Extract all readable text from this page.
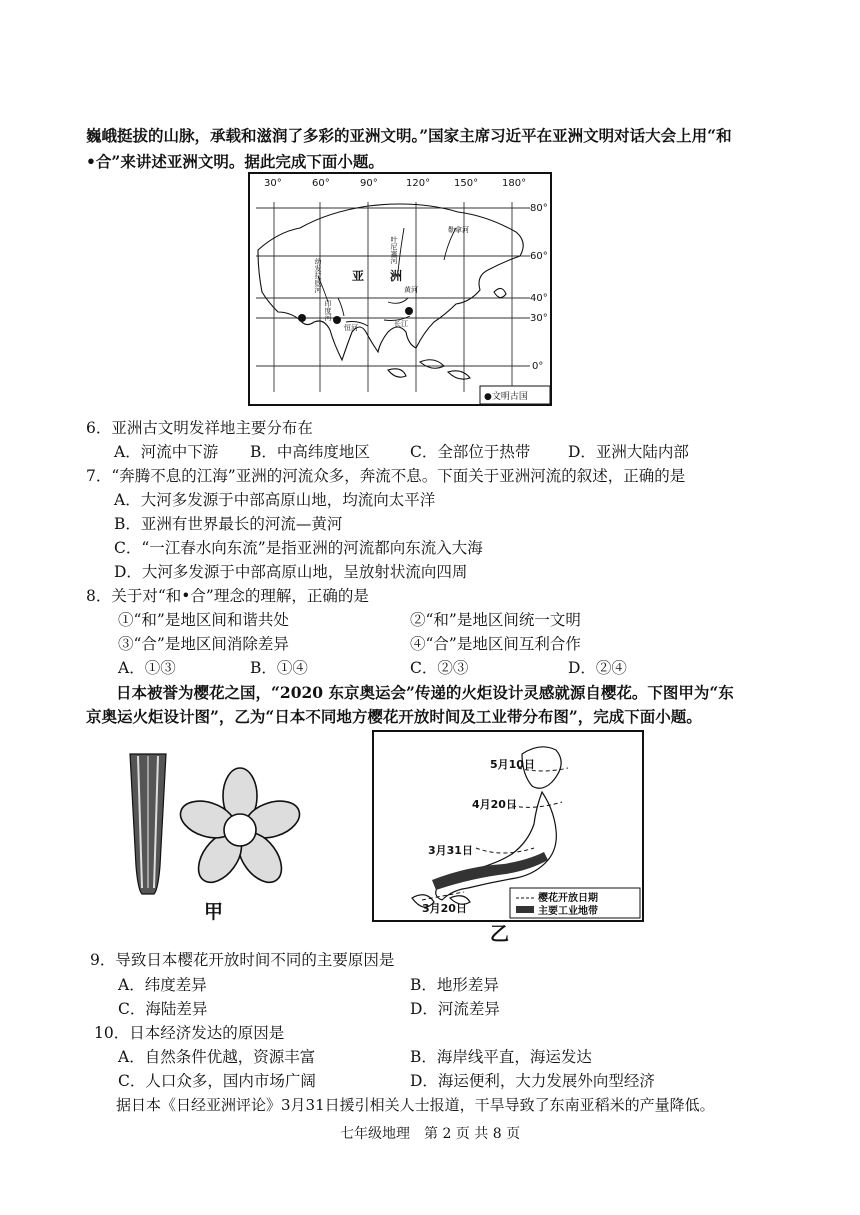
巍峨挺拔的山脉，承载和滋润了多彩的亚洲文明。”国家主席习近平在亚洲文明对话大会上用“和
•合”来讲述亚洲文明。据此完成下面小题。
30°	60°	90°	120° 150° 180°
80°
60°
40°
30°
0°
叶尼塞河
勒拿河
亚 洲
幼发拉底河
印度河
恒河
黄河
长江
●文明古国
6．亚洲古文明发祥地主要分布在
A．河流中下游 B．中高纬度地区	C．全部位于热带 D．亚洲大陆内部
7．“奔腾不息的江海”亚洲的河流众多，奔流不息。下面关于亚洲河流的叙述，正确的是
A．大河多发源于中部高原山地，均流向太平洋
B．亚洲有世界最长的河流—黄河
C．“一江春水向东流”是指亚洲的河流都向东流入大海
D．大河多发源于中部高原山地，呈放射状流向四周
8．关于对“和•合”理念的理解，正确的是
①“和”是地区间和谐共处	②“和”是地区间统一文明
③“合”是地区间消除差异	④“合”是地区间互利合作
A．①③	B．①④	C．②③	D．②④
日本被誉为樱花之国，“2020 东京奥运会”传递的火炬设计灵感就源自樱花。下图甲为“东
京奥运火炬设计图”，乙为“日本不同地方樱花开放时间及工业带分布图”，完成下面小题。
甲
5月10日
4月20日
3月31日
3月20日
樱花开放日期
主要工业地带
乙
9．导致日本樱花开放时间不同的主要原因是
A．纬度差异	B．地形差异
C．海陆差异	D．河流差异
10．日本经济发达的原因是
A．自然条件优越，资源丰富	B．海岸线平直，海运发达
C．人口众多，国内市场广阔	D．海运便利，大力发展外向型经济
据日本《日经亚洲评论》3月31日援引相关人士报道，干旱导致了东南亚稻米的产量降低。
七年级地理　第 2 页 共 8 页
